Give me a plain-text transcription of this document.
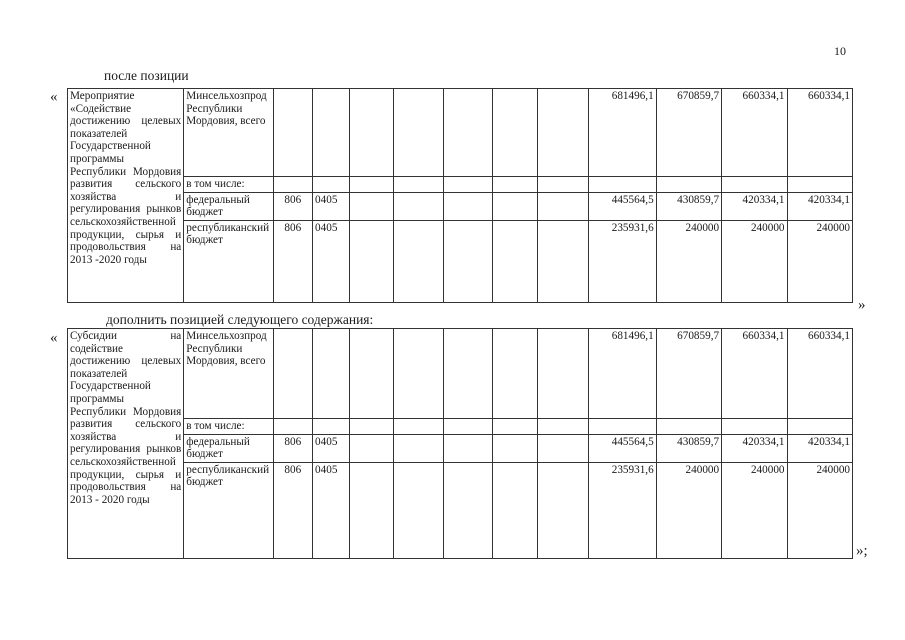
10
после позиции
« Мероприятие «Содействие достижению целевых показателей Государственной программы Республики Мордовия развития сельского хозяйства и регулирования рынков сельскохозяйственной продукции, сырья и продовольствия на 2013 -2020 годы	Минсельхозпрод Республики Мордовия, всего								681496,1	670859,7	660334,1	660334,1
	в том числе:											
	федеральный бюджет	806	0405						445564,5	430859,7	420334,1	420334,1
	республиканский бюджет	806	0405						235931,6	240000	240000	240000
»
дополнить позицией следующего содержания:
« Субсидии на содействие достижению целевых показателей Государственной программы Республики Мордовия развития сельского хозяйства и регулирования рынков сельскохозяйственной продукции, сырья и продовольствия на 2013 - 2020 годы	Минсельхозпрод Республики Мордовия, всего								681496,1	670859,7	660334,1	660334,1
	в том числе:											
	федеральный бюджет	806	0405						445564,5	430859,7	420334,1	420334,1
	республиканский бюджет	806	0405						235931,6	240000	240000	240000
»;
